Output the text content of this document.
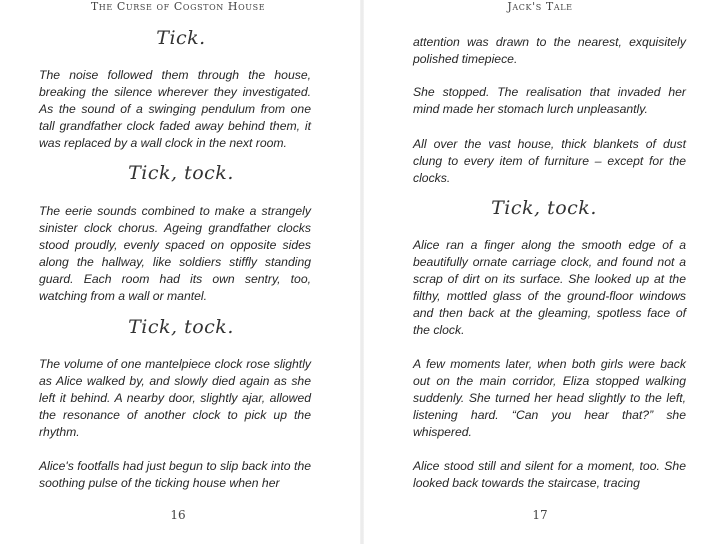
The Curse of Cogston House
Tick.

The noise followed them through the house, breaking the silence wherever they investigated. As the sound of a swinging pendulum from one tall grandfather clock faded away behind them, it was replaced by a wall clock in the next room.

Tick, tock.

The eerie sounds combined to make a strangely sinister clock chorus. Ageing grandfather clocks stood proudly, evenly spaced on opposite sides along the hallway, like soldiers stiffly standing guard. Each room had its own sentry, too, watching from a wall or mantel.

Tick, tock.

The volume of one mantelpiece clock rose slightly as Alice walked by, and slowly died again as she left it behind. A nearby door, slightly ajar, allowed the resonance of another clock to pick up the rhythm.

Alice's footfalls had just begun to slip back into the soothing pulse of the ticking house when her

16
Jack's Tale

attention was drawn to the nearest, exquisitely polished timepiece.

She stopped. The realisation that invaded her mind made her stomach lurch unpleasantly.

All over the vast house, thick blankets of dust clung to every item of furniture – except for the clocks.

Tick, tock.

Alice ran a finger along the smooth edge of a beautifully ornate carriage clock, and found not a scrap of dirt on its surface. She looked up at the filthy, mottled glass of the ground-floor windows and then back at the gleaming, spotless face of the clock.

A few moments later, when both girls were back out on the main corridor, Eliza stopped walking suddenly. She turned her head slightly to the left, listening hard. “Can you hear that?” she whispered.

Alice stood still and silent for a moment, too. She looked back towards the staircase, tracing

17
